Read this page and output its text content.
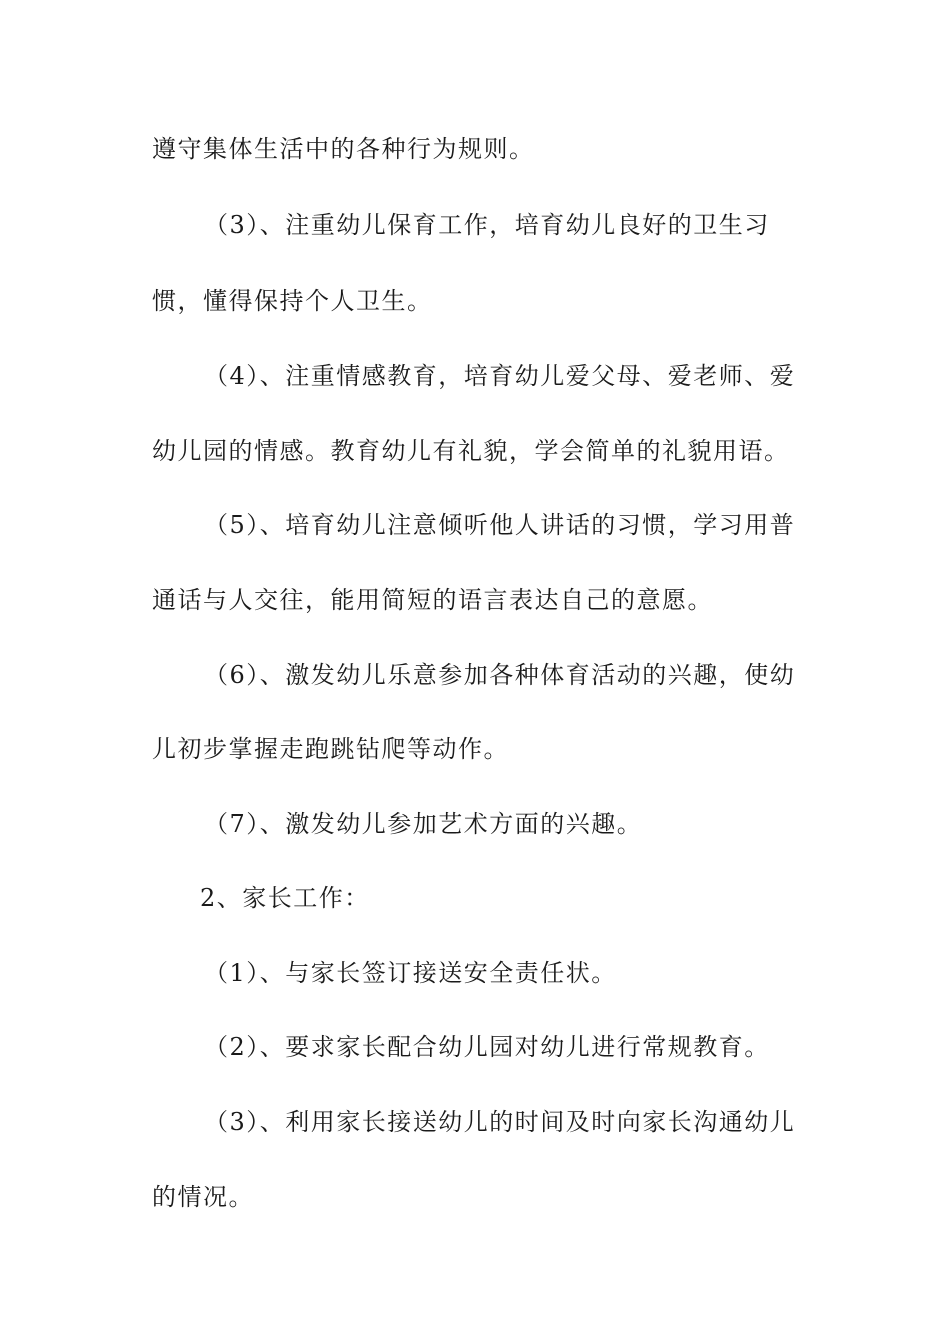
遵守集体生活中的各种行为规则。
（3）、注重幼儿保育工作，培育幼儿良好的卫生习
惯，懂得保持个人卫生。
（4）、注重情感教育，培育幼儿爱父母、爱老师、爱
幼儿园的情感。教育幼儿有礼貌，学会简单的礼貌用语。
（5）、培育幼儿注意倾听他人讲话的习惯，学习用普
通话与人交往，能用简短的语言表达自己的意愿。
（6）、激发幼儿乐意参加各种体育活动的兴趣，使幼
儿初步掌握走跑跳钻爬等动作。
（7）、激发幼儿参加艺术方面的兴趣。
2、家长工作：
（1）、与家长签订接送安全责任状。
（2）、要求家长配合幼儿园对幼儿进行常规教育。
（3）、利用家长接送幼儿的时间及时向家长沟通幼儿
的情况。
